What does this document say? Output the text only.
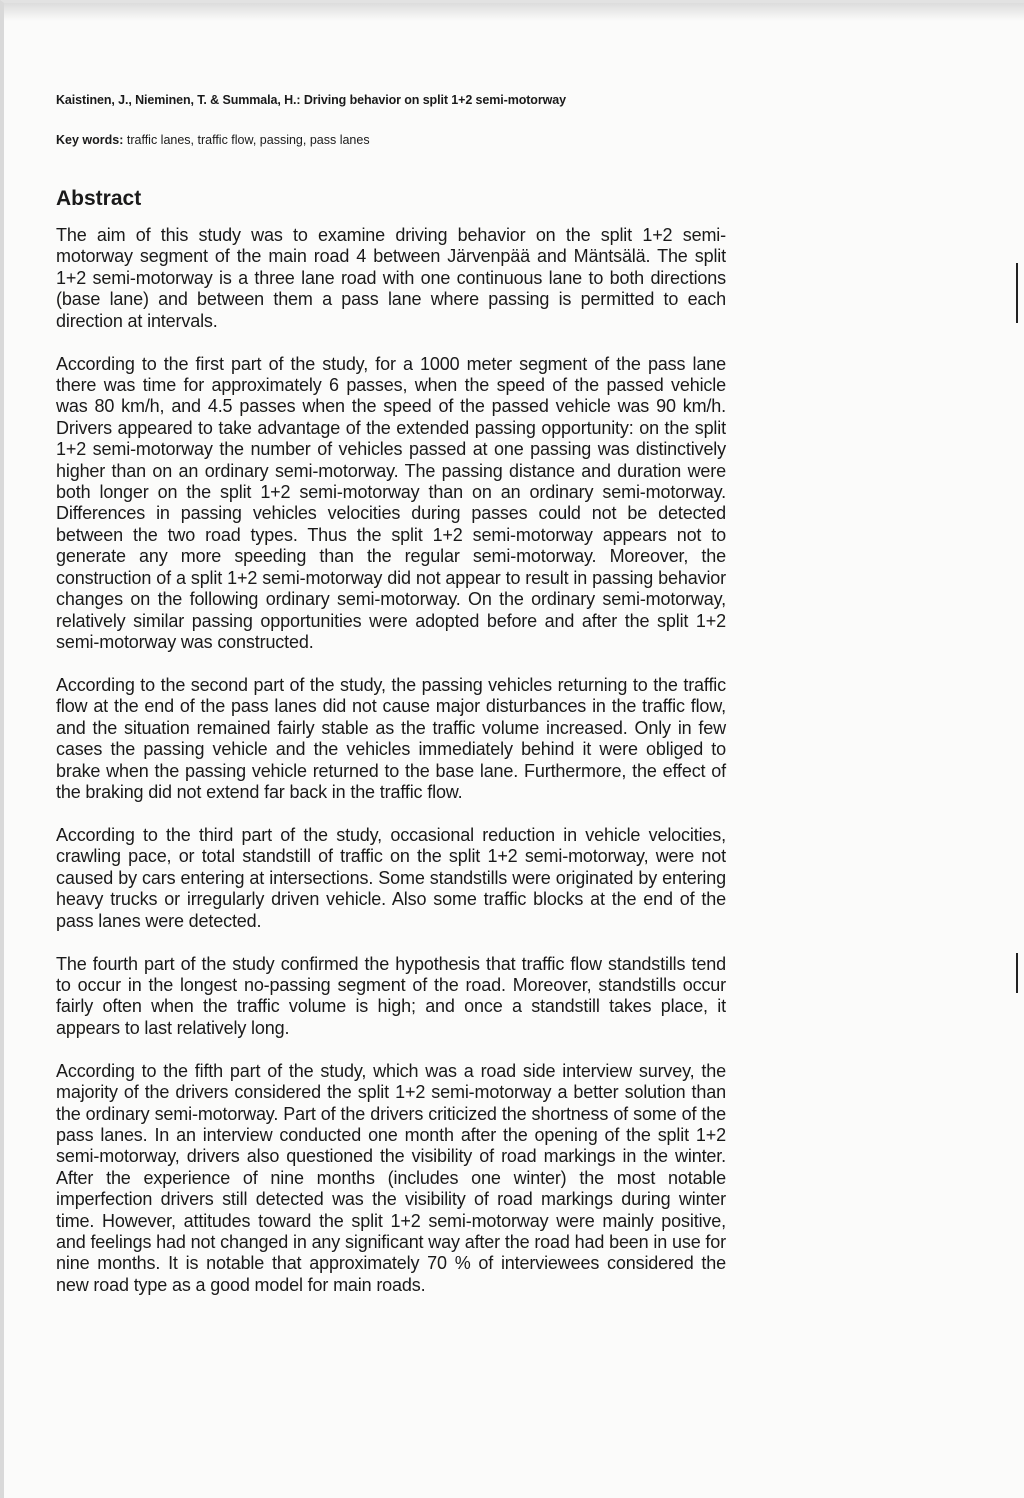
Kaistinen, J., Nieminen, T. & Summala, H.: Driving behavior on split 1+2 semi-motorway
Key words: traffic lanes, traffic flow, passing, pass lanes
Abstract

The aim of this study was to examine driving behavior on the split 1+2 semi-motorway segment of the main road 4 between Järvenpää and Mäntsälä. The split 1+2 semi-motorway is a three lane road with one continuous lane to both directions (base lane) and between them a pass lane where passing is permitted to each direction at intervals.

According to the first part of the study, for a 1000 meter segment of the pass lane there was time for approximately 6 passes, when the speed of the passed vehicle was 80 km/h, and 4.5 passes when the speed of the passed vehicle was 90 km/h. Drivers appeared to take advantage of the extended passing opportunity: on the split 1+2 semi-motorway the number of vehicles passed at one passing was distinctively higher than on an ordinary semi-motorway. The passing distance and duration were both longer on the split 1+2 semi-motorway than on an ordinary semi-motorway. Differences in passing vehicles velocities during passes could not be detected between the two road types. Thus the split 1+2 semi-motorway appears not to generate any more speeding than the regular semi-motorway. Moreover, the construction of a split 1+2 semi-motorway did not appear to result in passing behavior changes on the following ordinary semi-motorway. On the ordinary semi-motorway, relatively similar passing opportunities were adopted before and after the split 1+2 semi-motorway was constructed.

According to the second part of the study, the passing vehicles returning to the traffic flow at the end of the pass lanes did not cause major disturbances in the traffic flow, and the situation remained fairly stable as the traffic volume increased. Only in few cases the passing vehicle and the vehicles immediately behind it were obliged to brake when the passing vehicle returned to the base lane. Furthermore, the effect of the braking did not extend far back in the traffic flow.

According to the third part of the study, occasional reduction in vehicle velocities, crawling pace, or total standstill of traffic on the split 1+2 semi-motorway, were not caused by cars entering at intersections. Some standstills were originated by entering heavy trucks or irregularly driven vehicle. Also some traffic blocks at the end of the pass lanes were detected.

The fourth part of the study confirmed the hypothesis that traffic flow standstills tend to occur in the longest no-passing segment of the road. Moreover, standstills occur fairly often when the traffic volume is high; and once a standstill takes place, it appears to last relatively long.

According to the fifth part of the study, which was a road side interview survey, the majority of the drivers considered the split 1+2 semi-motorway a better solution than the ordinary semi-motorway. Part of the drivers criticized the shortness of some of the pass lanes. In an interview conducted one month after the opening of the split 1+2 semi-motorway, drivers also questioned the visibility of road markings in the winter. After the experience of nine months (includes one winter) the most notable imperfection drivers still detected was the visibility of road markings during winter time. However, attitudes toward the split 1+2 semi-motorway were mainly positive, and feelings had not changed in any significant way after the road had been in use for nine months. It is notable that approximately 70 % of interviewees considered the new road type as a good model for main roads.
